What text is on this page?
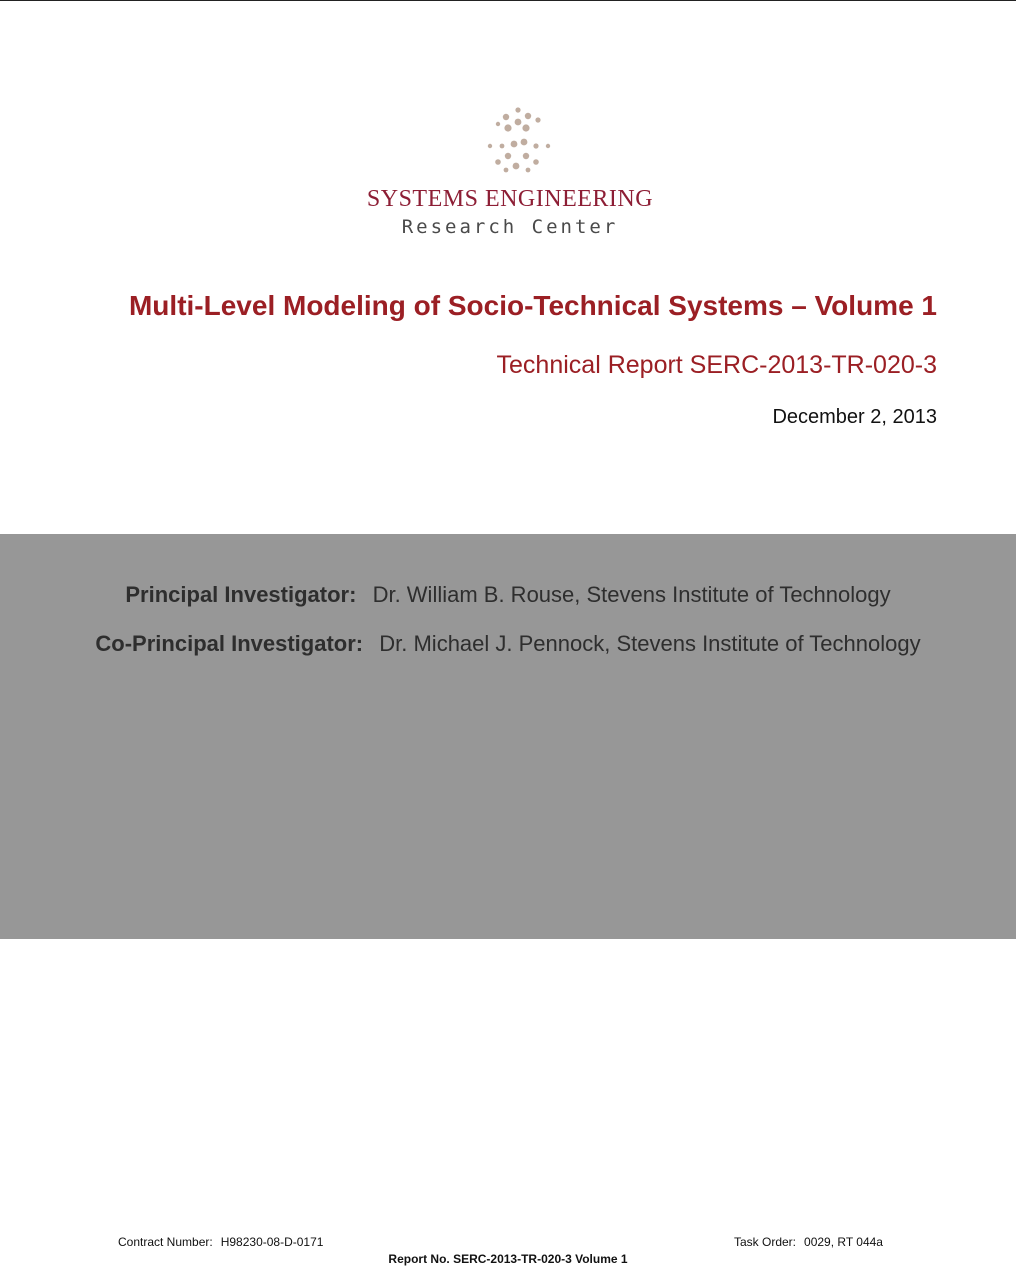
SYSTEMS ENGINEERING
Research Center
Multi-Level Modeling of Socio-Technical Systems – Volume 1
Technical Report SERC-2013-TR-020-3
December 2, 2013
Principal Investigator: Dr. William B. Rouse, Stevens Institute of Technology
Co-Principal Investigator: Dr. Michael J. Pennock, Stevens Institute of Technology
Contract Number: H98230-08-D-0171	Task Order: 0029, RT 044a
Report No. SERC-2013-TR-020-3 Volume 1
